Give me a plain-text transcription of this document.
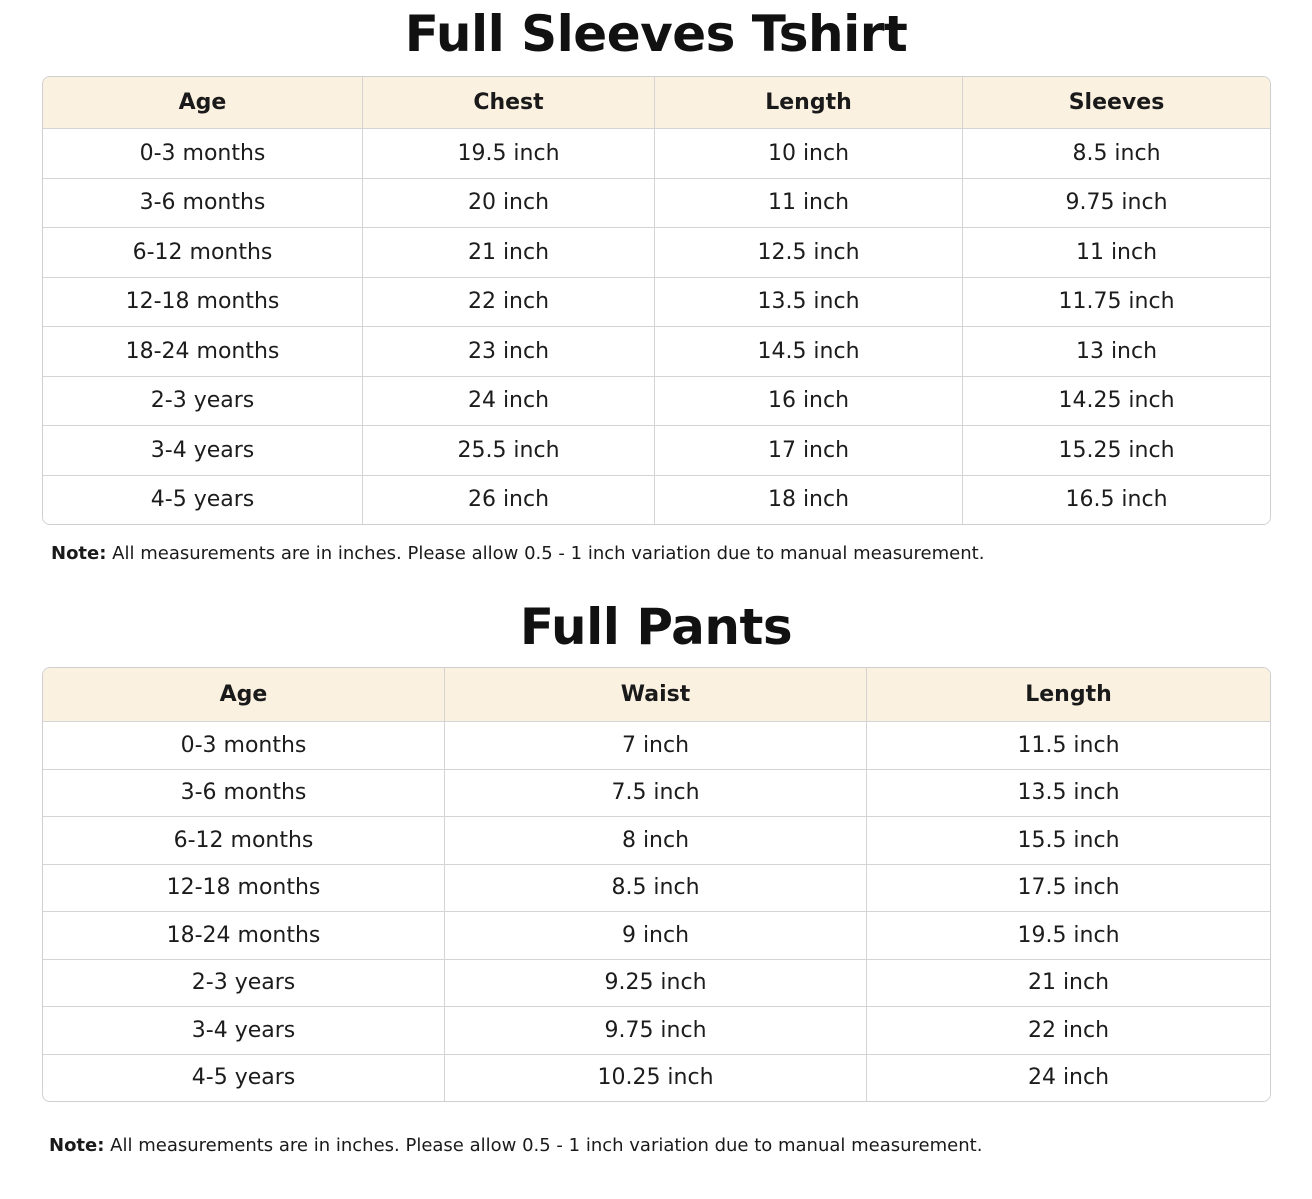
Full Sleeves Tshirt
Age	Chest	Length	Sleeves
0-3 months	19.5 inch	10 inch	8.5 inch
3-6 months	20 inch	11 inch	9.75 inch
6-12 months	21 inch	12.5 inch	11 inch
12-18 months	22 inch	13.5 inch	11.75 inch
18-24 months	23 inch	14.5 inch	13 inch
2-3 years	24 inch	16 inch	14.25 inch
3-4 years	25.5 inch	17 inch	15.25 inch
4-5 years	26 inch	18 inch	16.5 inch
Note: All measurements are in inches. Please allow 0.5 - 1 inch variation due to manual measurement.
Full Pants
Age	Waist	Length
0-3 months	7 inch	11.5 inch
3-6 months	7.5 inch	13.5 inch
6-12 months	8 inch	15.5 inch
12-18 months	8.5 inch	17.5 inch
18-24 months	9 inch	19.5 inch
2-3 years	9.25 inch	21 inch
3-4 years	9.75 inch	22 inch
4-5 years	10.25 inch	24 inch
Note: All measurements are in inches. Please allow 0.5 - 1 inch variation due to manual measurement.
